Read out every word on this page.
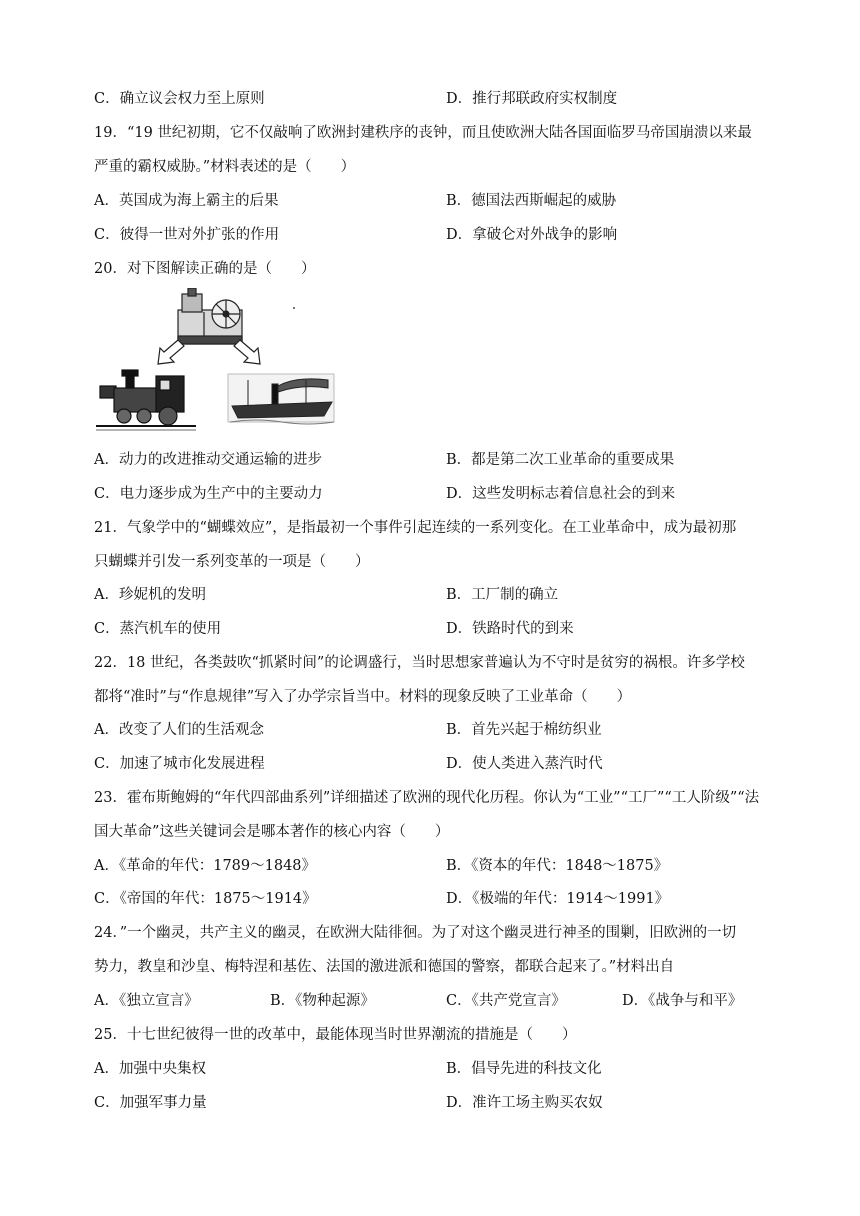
C．确立议会权力至上原则	D．推行邦联政府实权制度
19．“19 世纪初期，它不仅敲响了欧洲封建秩序的丧钟，而且使欧洲大陆各国面临罗马帝国崩溃以来最
严重的霸权威胁。”材料表述的是（　　）
A．英国成为海上霸主的后果	B．德国法西斯崛起的威胁
C．彼得一世对外扩张的作用	D．拿破仑对外战争的影响
20．对下图解读正确的是（　　）
A．动力的改进推动交通运输的进步	B．都是第二次工业革命的重要成果
C．电力逐步成为生产中的主要动力	D．这些发明标志着信息社会的到来
21．气象学中的“蝴蝶效应”，是指最初一个事件引起连续的一系列变化。在工业革命中，成为最初那
只蝴蝶并引发一系列变革的一项是（　　）
A．珍妮机的发明	B．工厂制的确立
C．蒸汽机车的使用	D．铁路时代的到来
22．18 世纪，各类鼓吹“抓紧时间”的论调盛行，当时思想家普遍认为不守时是贫穷的祸根。许多学校
都将“准时”与“作息规律”写入了办学宗旨当中。材料的现象反映了工业革命（　　）
A．改变了人们的生活观念	B．首先兴起于棉纺织业
C．加速了城市化发展进程	D．使人类进入蒸汽时代
23．霍布斯鲍姆的“年代四部曲系列”详细描述了欧洲的现代化历程。你认为“工业”“工厂”“工人阶级”“法
国大革命”这些关键词会是哪本著作的核心内容（　　）
A．《革命的年代：1789～1848》	B．《资本的年代：1848～1875》
C．《帝国的年代：1875～1914》	D．《极端的年代：1914～1991》
24．”一个幽灵，共产主义的幽灵，在欧洲大陆徘徊。为了对这个幽灵进行神圣的围剿，旧欧洲的一切
势力，教皇和沙皇、梅特涅和基佐、法国的激进派和德国的警察，都联合起来了。”材料出自
A．《独立宣言》	B．《物种起源》	C．《共产党宣言》	D．《战争与和平》
25．十七世纪彼得一世的改革中，最能体现当时世界潮流的措施是（　　）
A．加强中央集权	B．倡导先进的科技文化
C．加强军事力量	D．准许工场主购买农奴
